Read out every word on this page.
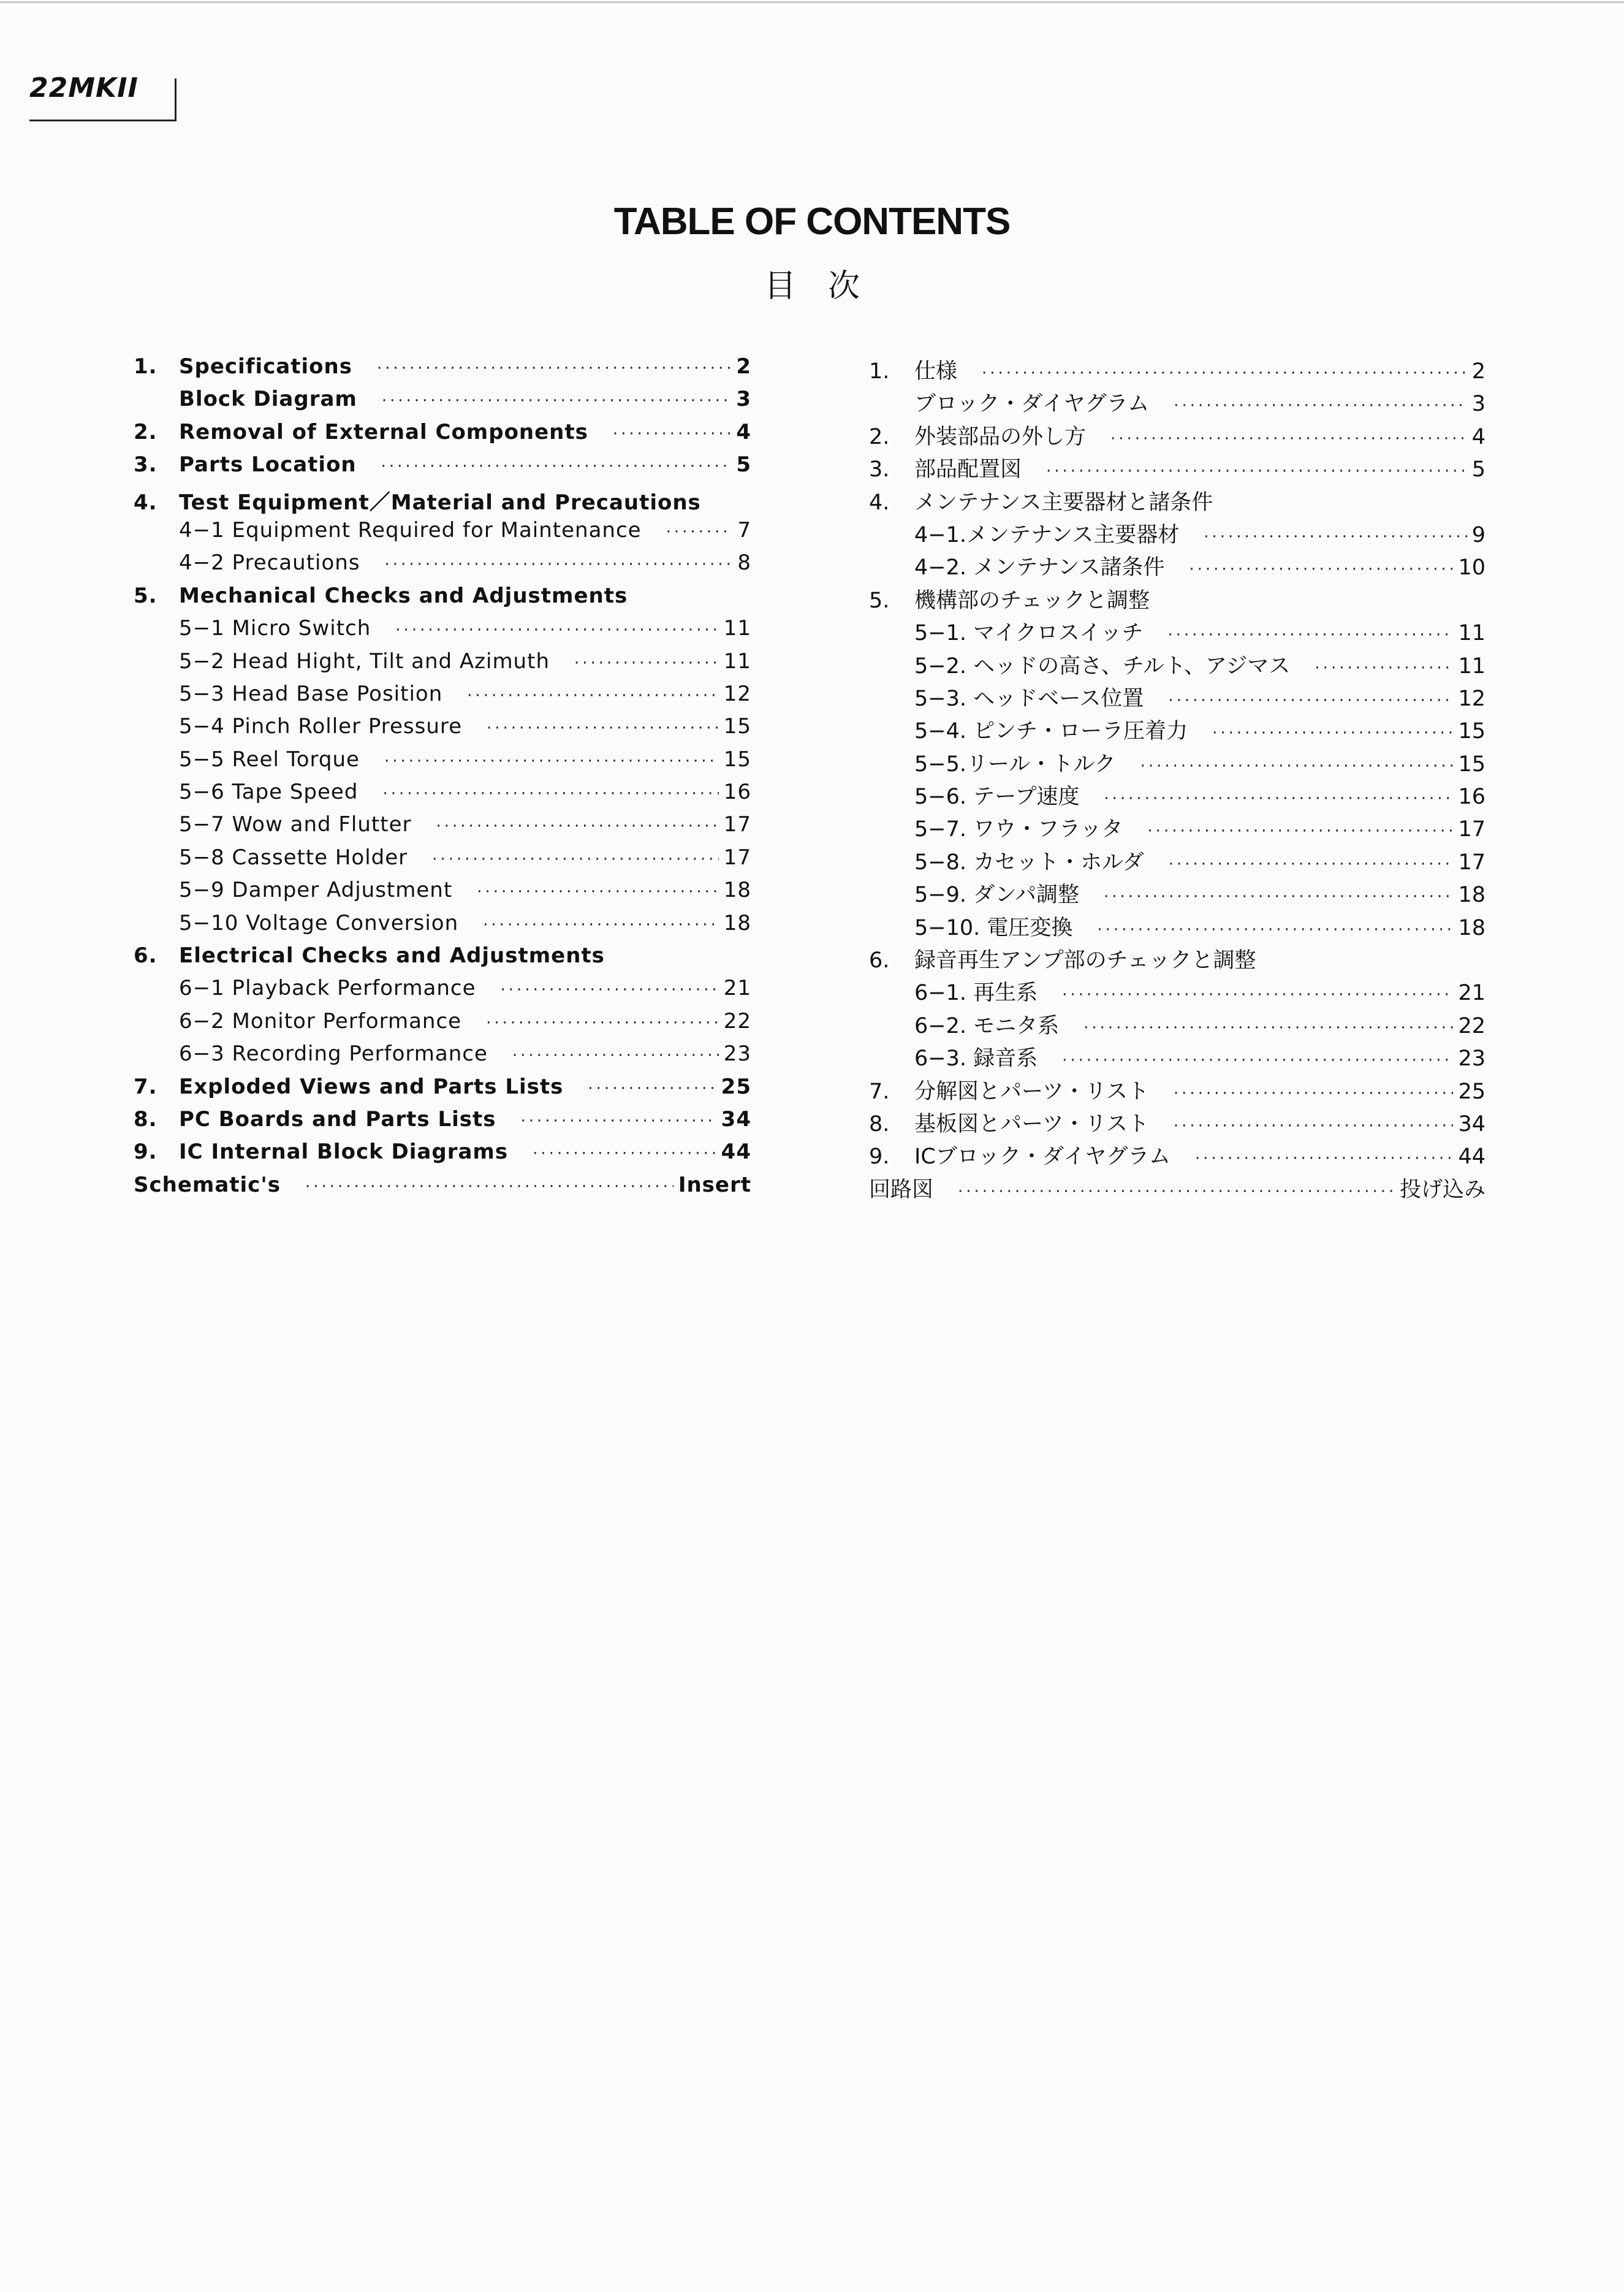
22MKII
TABLE OF CONTENTS
目　次
1. Specifications ·····	2
Block Diagram ·····	3
2. Removal of External Components ·····	4
3. Parts Location ·····	5
4. Test Equipment／Material and Precautions
4−1 Equipment Required for Maintenance ·····	7
4−2 Precautions ·····	8
5. Mechanical Checks and Adjustments
5−1 Micro Switch ·····	11
5−2 Head Hight, Tilt and Azimuth ·····	11
5−3 Head Base Position ·····	12
5−4 Pinch Roller Pressure ·····	15
5−5 Reel Torque ·····	15
5−6 Tape Speed ·····	16
5−7 Wow and Flutter ·····	17
5−8 Cassette Holder ·····	17
5−9 Damper Adjustment ·····	18
5−10 Voltage Conversion ·····	18
6. Electrical Checks and Adjustments
6−1 Playback Performance ·····	21
6−2 Monitor Performance ·····	22
6−3 Recording Performance ·····	23
7. Exploded Views and Parts Lists ·····	25
8. PC Boards and Parts Lists ·····	34
9. IC Internal Block Diagrams ·····	44
Schematic's ·····	Insert
1. 仕様 ·····	2
ブロック・ダイヤグラム ·····	3
2. 外装部品の外し方 ·····	4
3. 部品配置図 ·····	5
4. メンテナンス主要器材と諸条件
4−1.メンテナンス主要器材 ·····	9
4−2. メンテナンス諸条件 ·····	10
5. 機構部のチェックと調整
5−1. マイクロスイッチ ·····	11
5−2. ヘッドの高さ、チルト、アジマス ·····	11
5−3. ヘッドベース位置 ·····	12
5−4. ピンチ・ローラ圧着力 ·····	15
5−5.リール・トルク ·····	15
5−6. テープ速度 ·····	16
5−7. ワウ・フラッタ ·····	17
5−8. カセット・ホルダ ·····	17
5−9. ダンパ調整 ·····	18
5−10. 電圧変換 ·····	18
6. 録音再生アンプ部のチェックと調整
6−1. 再生系 ·····	21
6−2. モニタ系 ·····	22
6−3. 録音系 ·····	23
7. 分解図とパーツ・リスト ·····	25
8. 基板図とパーツ・リスト ·····	34
9. ICブロック・ダイヤグラム ·····	44
回路図 ·····	投げ込み
